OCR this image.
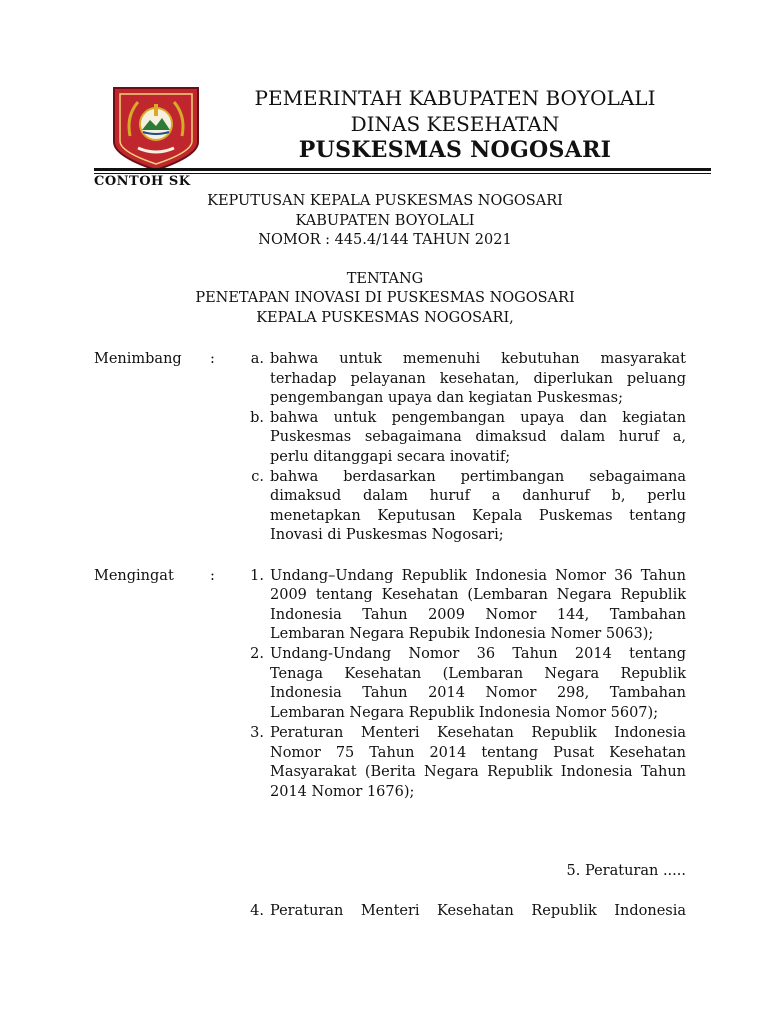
PEMERINTAH KABUPATEN BOYOLALI
DINAS KESEHATAN
PUSKESMAS NOGOSARI
CONTOH SK
KEPUTUSAN KEPALA PUSKESMAS NOGOSARI
KABUPATEN BOYOLALI
NOMOR : 445.4/144 TAHUN 2021
TENTANG
PENETAPAN INOVASI DI PUSKESMAS NOGOSARI
KEPALA PUSKESMAS NOGOSARI,
Menimbang :	a. bahwa untuk memenuhi kebutuhan masyarakat
terhadap pelayanan kesehatan, diperlukan peluang
pengembangan upaya dan kegiatan Puskesmas;
b. bahwa untuk pengembangan upaya dan kegiatan
Puskesmas sebagaimana dimaksud dalam huruf a,
perlu ditanggapi secara inovatif;
c. bahwa berdasarkan pertimbangan sebagaimana
dimaksud dalam huruf a danhuruf b, perlu
menetapkan Keputusan Kepala Puskemas tentang
Inovasi di Puskesmas Nogosari;
Mengingat :	1. Undang–Undang Republik Indonesia Nomor 36 Tahun
2009 tentang Kesehatan (Lembaran Negara Republik
Indonesia Tahun 2009 Nomor 144, Tambahan
Lembaran Negara Repubik Indonesia Nomer 5063);
2. Undang-Undang Nomor 36 Tahun 2014 tentang
Tenaga Kesehatan (Lembaran Negara Republik
Indonesia Tahun 2014 Nomor 298, Tambahan
Lembaran Negara Republik Indonesia Nomor 5607);
3. Peraturan Menteri Kesehatan Republik Indonesia
Nomor 75 Tahun 2014 tentang Pusat Kesehatan
Masyarakat (Berita Negara Republik Indonesia Tahun
2014 Nomor 1676);
5. Peraturan .....
4. Peraturan Menteri Kesehatan Republik Indonesia
